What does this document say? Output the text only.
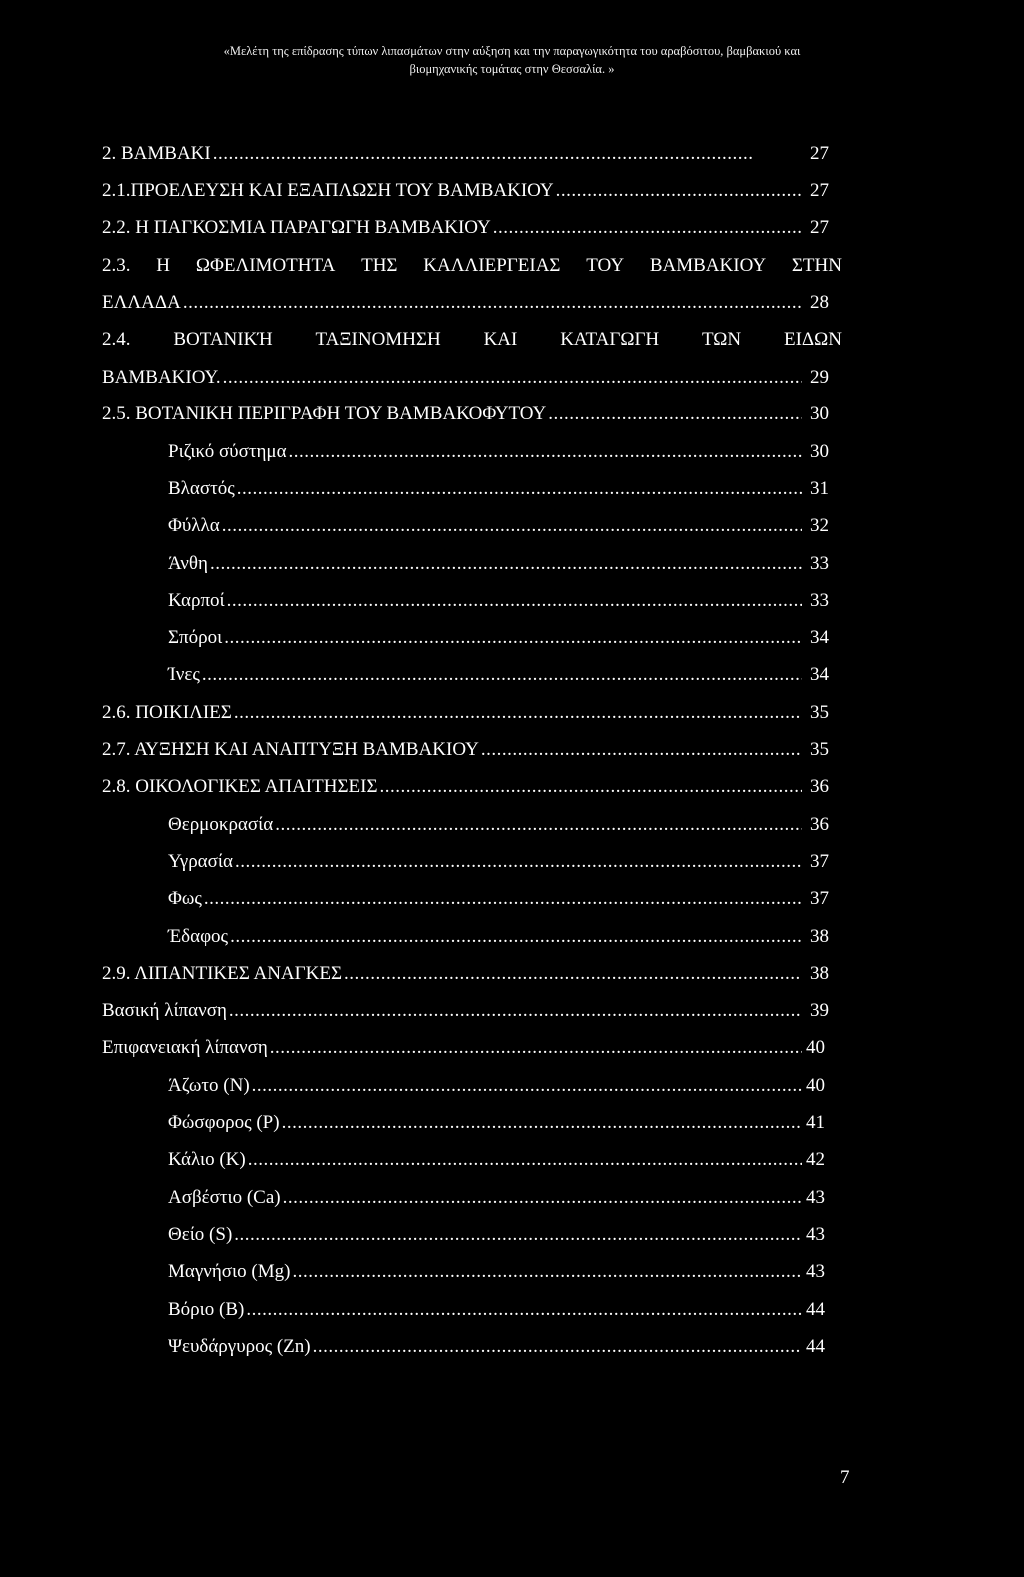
«Μελέτη της επίδρασης τύπων λιπασμάτων στην αύξηση και την παραγωγικότητα του αραβόσιτου, βαμβακιού και
βιομηχανικής τομάτας στην Θεσσαλία. »
2. ΒΑΜΒΑΚΙ .....	27
2.1.ΠΡΟΕΛΕΥΣΗ ΚΑΙ ΕΞΑΠΛΩΣΗ ΤΟΥ ΒΑΜΒΑΚΙΟΥ .....	27
2.2. Η ΠΑΓΚΟΣΜΙΑ ΠΑΡΑΓΩΓΗ ΒΑΜΒΑΚΙΟΥ .....	27
2.3. Η ΩΦΕΛΙΜΟΤΗΤΑ ΤΗΣ ΚΑΛΛΙΕΡΓΕΙΑΣ ΤΟΥ ΒΑΜΒΑΚΙΟΥ ΣΤΗΝ
ΕΛΛΑΔΑ .....	28
2.4. ΒΟΤΑΝΙΚΉ ΤΑΞΙΝΟΜΗΣΗ ΚΑΙ ΚΑΤΑΓΩΓΗ ΤΩΝ ΕΙΔΩΝ
ΒΑΜΒΑΚΙΟΥ. .....	29
2.5. ΒΟΤΑΝΙΚΗ ΠΕΡΙΓΡΑΦΗ ΤΟΥ ΒΑΜΒΑΚΟΦΥΤΟΥ .....	30
Ριζικό σύστημα .....	30
Βλαστός .....	31
Φύλλα .....	32
Άνθη .....	33
Καρποί .....	33
Σπόροι .....	34
Ίνες .....	34
2.6. ΠΟΙΚΙΛΙΕΣ .....	35
2.7. ΑΥΞΗΣΗ ΚΑΙ ΑΝΑΠΤΥΞΗ ΒΑΜΒΑΚΙΟΥ .....	35
2.8. ΟΙΚΟΛΟΓΙΚΕΣ ΑΠΑΙΤΗΣΕΙΣ .....	36
Θερμοκρασία .....	36
Υγρασία .....	37
Φως .....	37
Έδαφος .....	38
2.9. ΛΙΠΑΝΤΙΚΕΣ ΑΝΑΓΚΕΣ .....	38
Βασική λίπανση .....	39
Επιφανειακή λίπανση .....	40
Άζωτο (N) .....	40
Φώσφορος (P) .....	41
Κάλιο (K) .....	42
Ασβέστιο (Ca) .....	43
Θείο (S) .....	43
Μαγνήσιο (Mg) .....	43
Βόριο (B) .....	44
Ψευδάργυρος (Zn) .....	44
7
